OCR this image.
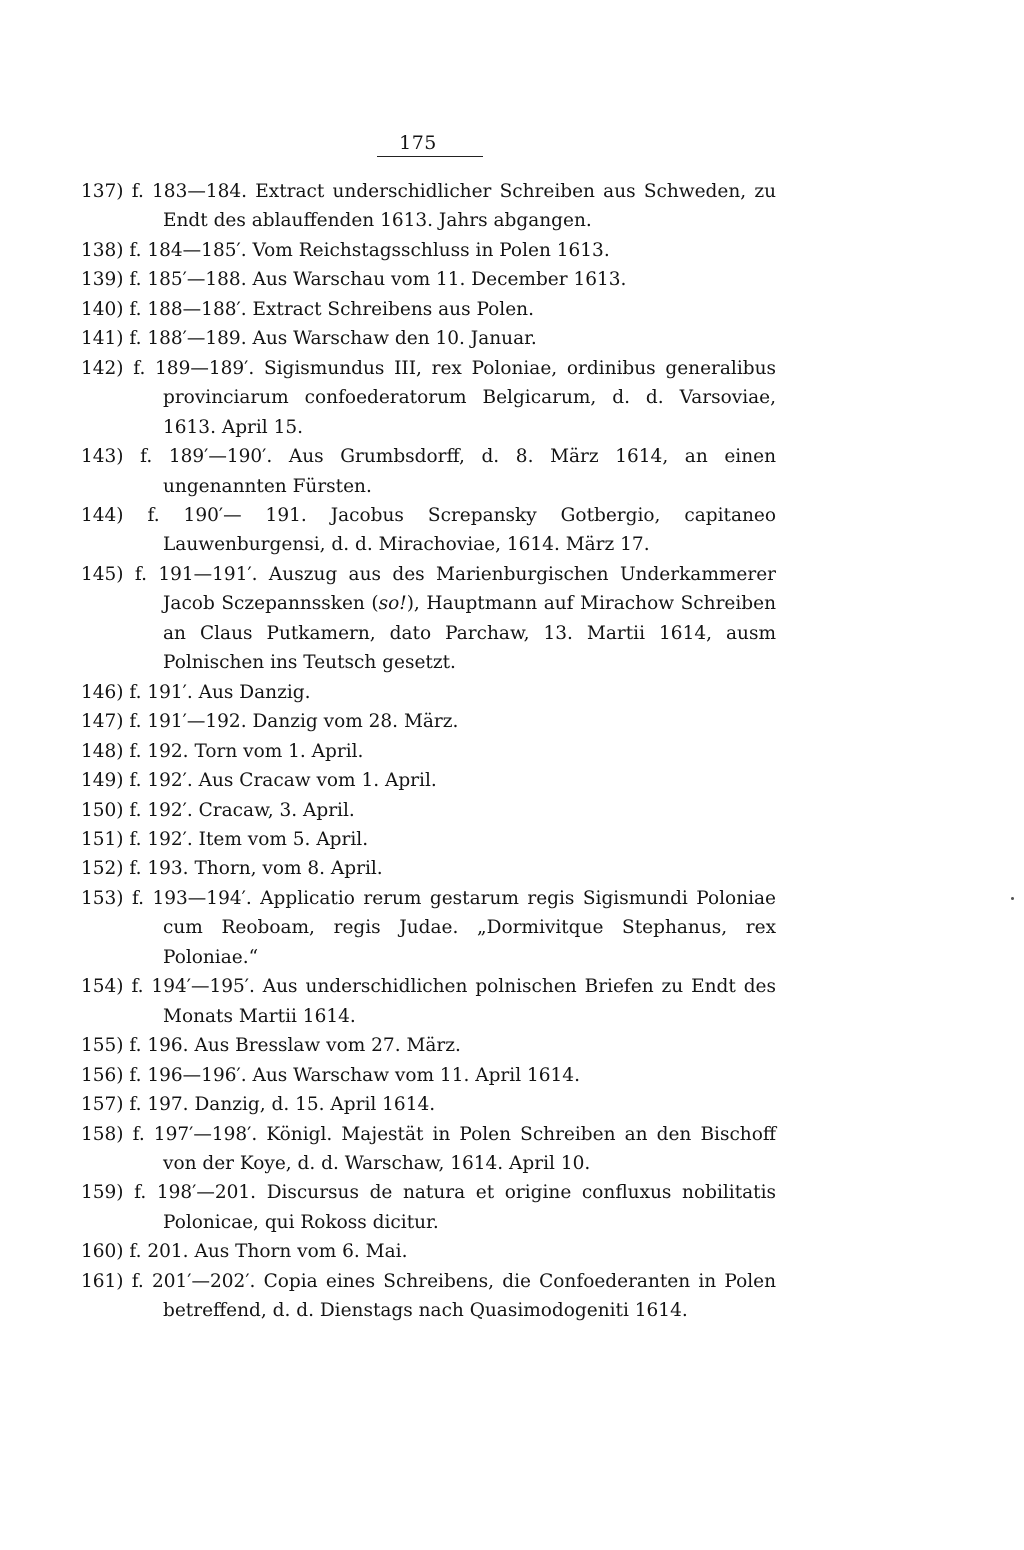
175
137) f. 183—184. Extract underschidlicher Schreiben aus Schweden, zu Endt des ablauffenden 1613. Jahrs abgangen.
138) f. 184—185′. Vom Reichstagsschluss in Polen 1613.
139) f. 185′—188. Aus Warschau vom 11. December 1613.
140) f. 188—188′. Extract Schreibens aus Polen.
141) f. 188′—189. Aus Warschaw den 10. Januar.
142) f. 189—189′. Sigismundus III, rex Poloniae, ordinibus generalibus provinciarum confoederatorum Belgicarum, d. d. Varsoviae, 1613. April 15.
143) f. 189′—190′. Aus Grumbsdorff, d. 8. März 1614, an einen ungenannten Fürsten.
144) f. 190′— 191. Jacobus Screpansky Gotbergio, capitaneo Lauwenburgensi, d. d. Mirachoviae, 1614. März 17.
145) f. 191—191′. Auszug aus des Marienburgischen Underkammerer Jacob Sczepannssken (so!), Hauptmann auf Mirachow Schreiben an Claus Putkamern, dato Parchaw, 13. Martii 1614, ausm Polnischen ins Teutsch gesetzt.
146) f. 191′. Aus Danzig.
147) f. 191′—192. Danzig vom 28. März.
148) f. 192. Torn vom 1. April.
149) f. 192′. Aus Cracaw vom 1. April.
150) f. 192′. Cracaw, 3. April.
151) f. 192′. Item vom 5. April.
152) f. 193. Thorn, vom 8. April.
153) f. 193—194′. Applicatio rerum gestarum regis Sigismundi Poloniae cum Reoboam, regis Judae. „Dormivitque Stephanus, rex Poloniae.“
154) f. 194′—195′. Aus underschidlichen polnischen Briefen zu Endt des Monats Martii 1614.
155) f. 196. Aus Bresslaw vom 27. März.
156) f. 196—196′. Aus Warschaw vom 11. April 1614.
157) f. 197. Danzig, d. 15. April 1614.
158) f. 197′—198′. Königl. Majestät in Polen Schreiben an den Bischoff von der Koye, d. d. Warschaw, 1614. April 10.
159) f. 198′—201. Discursus de natura et origine confluxus nobilitatis Polonicae, qui Rokoss dicitur.
160) f. 201. Aus Thorn vom 6. Mai.
161) f. 201′—202′. Copia eines Schreibens, die Confoederanten in Polen betreffend, d. d. Dienstags nach Quasimodogeniti 1614.
